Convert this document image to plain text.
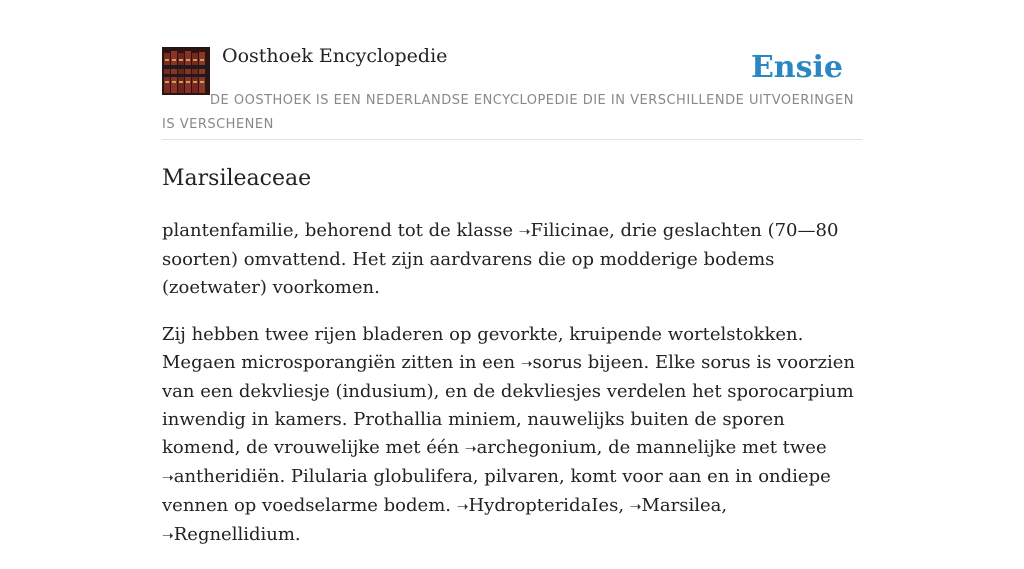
Oosthoek Encyclopedie	Ensie
DE OOSTHOEK IS EEN NEDERLANDSE ENCYCLOPEDIE DIE IN VERSCHILLENDE UITVOERINGEN IS VERSCHENEN
Marsileaceae

plantenfamilie, behorend tot de klasse ➝Filicinae, drie geslachten (70—80 soorten) omvattend. Het zijn aardvarens die op modderige bodems (zoetwater) voorkomen.

Zij hebben twee rijen bladeren op gevorkte, kruipende wortelstokken. Megaen microsporangiën zitten in een ➝sorus bijeen. Elke sorus is voorzien van een dekvliesje (indusium), en de dekvliesjes verdelen het sporocarpium inwendig in kamers. Prothallia miniem, nauwelijks buiten de sporen komend, de vrouwelijke met één ➝archegonium, de mannelijke met twee ➝antheridiën. Pilularia globulifera, pilvaren, komt voor aan en in ondiepe vennen op voedselarme bodem. ➝HydropteridaIes, ➝Marsilea, ➝Regnellidium.
